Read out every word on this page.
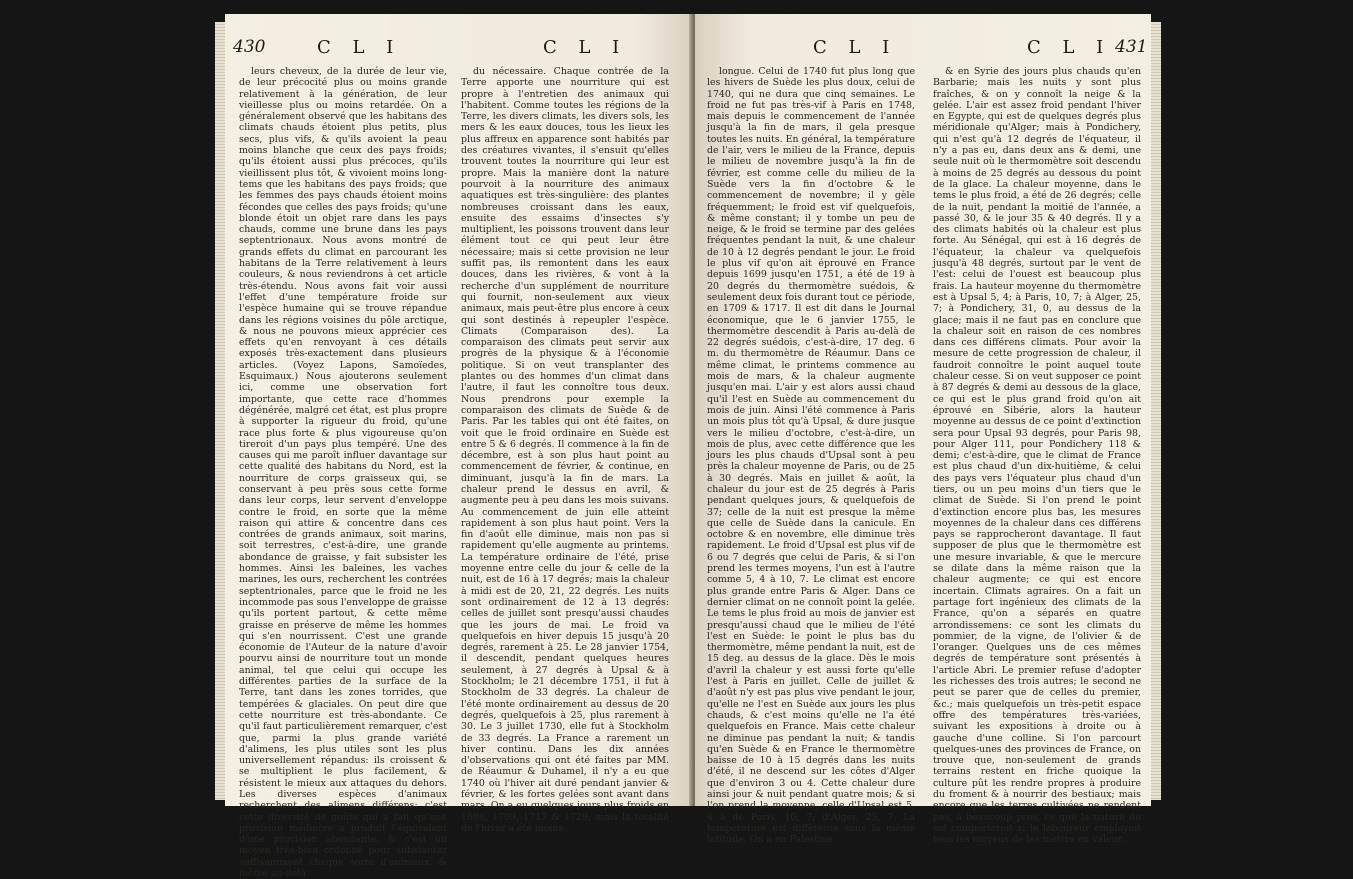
430	C L I	C L I

leurs cheveux, de la durée de leur vie, de leur précocité plus ou moins grande relativement à la génération, de leur vieillesse plus ou moins retardée. On a généralement observé que les habitans des climats chauds étoient plus petits, plus secs, plus vifs, & qu'ils avoient la peau moins blanche que ceux des pays froids; qu'ils étoient aussi plus précoces, qu'ils vieillissent plus tôt, & vivoient moins long-tems que les habitans des pays froids; que les femmes des pays chauds étoient moins fécondes que celles des pays froids; qu'une blonde étoit un objet rare dans les pays chauds, comme une brune dans les pays septentrionaux. Nous avons montré de grands effets du climat en parcourant les habitans de la Terre relativement à leurs couleurs, & nous reviendrons à cet article très-étendu. Nous avons fait voir aussi l'effet d'une température froide sur l'espèce humaine qui se trouve répandue dans les régions voisines du pôle arctique, & nous ne pouvons mieux apprécier ces effets qu'en renvoyant à ces détails exposés très-exactement dans plusieurs articles. (Voyez Lapons, Samoïedes, Esquimaux.) Nous ajouterons seulement ici, comme une observation fort importante, que cette race d'hommes dégénérée, malgré cet état, est plus propre à supporter la rigueur du froid, qu'une race plus forte & plus vigoureuse qu'on tireroit d'un pays plus tempéré. Une des causes qui me paroît influer davantage sur cette qualité des habitans du Nord, est la nourriture de corps graisseux qui, se conservant à peu près sous cette forme dans leur corps, leur servent d'enveloppe contre le froid, en sorte que la même raison qui attire & concentre dans ces contrées de grands animaux, soit marins, soit terrestres, c'est-à-dire, une grande abondance de graisse, y fait subsister les hommes. Ainsi les baleines, les vaches marines, les ours, recherchent les contrées septentrionales, parce que le froid ne les incommode pas sous l'enveloppe de graisse qu'ils portent partout, & cette même graisse en préserve de même les hommes qui s'en nourrissent. C'est une grande économie de l'Auteur de la nature d'avoir pourvu ainsi de nourriture tout un monde animal, tel que celui qui occupe les différentes parties de la surface de la Terre, tant dans les zones torrides, que tempérées & glaciales. On peut dire que cette nourriture est très-abondante. Ce qu'il faut particulièrement remarquer, c'est que, parmi la plus grande variété d'alimens, les plus utiles sont les plus universellement répandus: ils croissent & se multiplient le plus facilement, & résistent le mieux aux attaques du dehors. Les diverses espèces d'animaux recherchent des alimens différens: c'est cette diversité de goûts qui a fait qu'une provision médiocre a produit l'équivalent d'une provision abondante, & c'est un moyen très-bien ordonné pour substanter suffisamment chaque sorte d'animaux, & même au-delà

du nécessaire. Chaque contrée de la Terre apporte une nourriture qui est propre à l'entretien des animaux qui l'habitent. Comme toutes les régions de la Terre, les divers climats, les divers sols, les mers & les eaux douces, tous les lieux les plus affreux en apparence sont habités par des créatures vivantes, il s'ensuit qu'elles trouvent toutes la nourriture qui leur est propre. Mais la manière dont la nature pourvoit à la nourriture des animaux aquatiques est très-singulière: des plantes nombreuses croissant dans les eaux, ensuite des essaims d'insectes s'y multiplient, les poissons trouvent dans leur élément tout ce qui peut leur être nécessaire; mais si cette provision ne leur suffit pas, ils remontent dans les eaux douces, dans les rivières, & vont à la recherche d'un supplément de nourriture qui fournit, non-seulement aux vieux animaux, mais peut-être plus encore à ceux qui sont destinés à repeupler l'espèce. Climats (Comparaison des). La comparaison des climats peut servir aux progrès de la physique & à l'économie politique. Si on veut transplanter des plantes ou des hommes d'un climat dans l'autre, il faut les connoître tous deux. Nous prendrons pour exemple la comparaison des climats de Suède & de Paris. Par les tables qui ont été faites, on voit que le froid ordinaire en Suède est entre 5 & 6 degrés. Il commence à la fin de décembre, est à son plus haut point au commencement de février, & continue, en diminuant, jusqu'à la fin de mars. La chaleur prend le dessus en avril, & augmente peu à peu dans les mois suivans. Au commencement de juin elle atteint rapidement à son plus haut point. Vers la fin d'août elle diminue, mais non pas si rapidement qu'elle augmente au printems. La température ordinaire de l'été, prise moyenne entre celle du jour & celle de la nuit, est de 16 à 17 degrés; mais la chaleur à midi est de 20, 21, 22 degrés. Les nuits sont ordinairement de 12 à 13 degrés: celles de juillet sont presqu'aussi chaudes que les jours de mai. Le froid va quelquefois en hiver depuis 15 jusqu'à 20 degrés, rarement à 25. Le 28 janvier 1754, il descendit, pendant quelques heures seulement, à 27 degrés à Upsal & à Stockholm; le 21 décembre 1751, il fut à Stockholm de 33 degrés. La chaleur de l'été monte ordinairement au dessus de 20 degrés, quelquefois à 25, plus rarement à 30. Le 3 juillet 1730, elle fut à Stockholm de 33 degrés. La France a rarement un hiver continu. Dans les dix années d'observations qui ont été faites par MM. de Réaumur & Duhamel, il n'y a eu que 1740 où l'hiver ait duré pendant janvier & février, & les fortes gelées sont avant dans mars. On a eu quelques jours plus froids en 1698, 1709, 1717 & 1729; mais la totalité de l'hiver a été moins

C L I	C L I 431

longue. Celui de 1740 fut plus long que les hivers de Suède les plus doux, celui de 1740, qui ne dura que cinq semaines. Le froid ne fut pas très-vif à Paris en 1748, mais depuis le commencement de l'année jusqu'à la fin de mars, il gela presque toutes les nuits. En général, la température de l'air, vers le milieu de la France, depuis le milieu de novembre jusqu'à la fin de février, est comme celle du milieu de la Suède vers la fin d'octobre & le commencement de novembre; il y gèle fréquemment; le froid est vif quelquefois, & même constant; il y tombe un peu de neige, & le froid se termine par des gelées fréquentes pendant la nuit, & une chaleur de 10 à 12 degrés pendant le jour. Le froid le plus vif qu'on ait éprouvé en France depuis 1699 jusqu'en 1751, a été de 19 à 20 degrés du thermomètre suédois, & seulement deux fois durant tout ce période, en 1709 & 1717. Il est dit dans le Journal économique, que le 6 janvier 1755, le thermomètre descendit à Paris au-delà de 22 degrés suédois, c'est-à-dire, 17 deg. 6 m. du thermomètre de Réaumur. Dans ce même climat, le printems commence au mois de mars, & la chaleur augmente jusqu'en mai. L'air y est alors aussi chaud qu'il l'est en Suède au commencement du mois de juin. Ainsi l'été commence à Paris un mois plus tôt qu'à Upsal, & dure jusque vers le milieu d'octobre, c'est-à-dire, un mois de plus, avec cette différence que les jours les plus chauds d'Upsal sont à peu près la chaleur moyenne de Paris, ou de 25 à 30 degrés. Mais en juillet & août, la chaleur du jour est de 25 degrés à Paris pendant quelques jours, & quelquefois de 37; celle de la nuit est presque la même que celle de Suède dans la canicule. En octobre & en novembre, elle diminue très rapidement. Le froid d'Upsal est plus vif de 6 ou 7 degrés que celui de Paris, & si l'on prend les termes moyens, l'un est à l'autre comme 5, 4 à 10, 7. Le climat est encore plus grande entre Paris & Alger. Dans ce dernier climat on ne connoît point la gelée. Le tems le plus froid au mois de janvier est presqu'aussi chaud que le milieu de l'été l'est en Suède: le point le plus bas du thermomètre, même pendant la nuit, est de 15 deg. au dessus de la glace. Dès le mois d'avril la chaleur y est aussi forte qu'elle l'est à Paris en juillet. Celle de juillet & d'août n'y est pas plus vive pendant le jour, qu'elle ne l'est en Suède aux jours les plus chauds, & c'est moins qu'elle ne l'a été quelquefois en France. Mais cette chaleur ne diminue pas pendant la nuit; & tandis qu'en Suède & en France le thermomètre baisse de 10 à 15 degrés dans les nuits d'été, il ne descend sur les côtes d'Alger que d'environ 3 ou 4. Cette chaleur dure ainsi jour & nuit pendant quatre mois; & si l'on prend la moyenne, celle d'Upsal est 5, 4 à de Paris, 10, 7; d'Alger, 25, 7. La température est différente sous la même latitude. On a en Palestine

& en Syrie des jours plus chauds qu'en Barbarie; mais les nuits y sont plus fraîches, & on y connoît la neige & la gelée. L'air est assez froid pendant l'hiver en Egypte, qui est de quelques degrés plus méridionale qu'Alger; mais à Pondichery, qui n'est qu'à 12 degrés de l'équateur, il n'y a pas eu, dans deux ans & demi, une seule nuit où le thermomètre soit descendu à moins de 25 degrés au dessous du point de la glace. La chaleur moyenne, dans le tems le plus froid, a été de 26 degrés; celle de la nuit, pendant la moitié de l'année, a passé 30, & le jour 35 & 40 degrés. Il y a des climats habités où la chaleur est plus forte. Au Sénégal, qui est à 16 degrés de l'équateur, la chaleur va quelquefois jusqu'à 48 degrés, surtout par le vent de l'est: celui de l'ouest est beaucoup plus frais. La hauteur moyenne du thermomètre est à Upsal 5, 4; à Paris, 10, 7; à Alger, 25, 7; à Pondichery, 31, 0, au dessus de la glace; mais il ne faut pas en conclure que la chaleur soit en raison de ces nombres dans ces différens climats. Pour avoir la mesure de cette progression de chaleur, il faudroit connoître le point auquel toute chaleur cesse. Si on veut supposer ce point à 87 degrés & demi au dessous de la glace, ce qui est le plus grand froid qu'on ait éprouvé en Sibérie, alors la hauteur moyenne au dessus de ce point d'extinction sera pour Upsal 93 degrés, pour Paris 98, pour Alger 111, pour Pondichery 118 & demi; c'est-à-dire, que le climat de France est plus chaud d'un dix-huitième, & celui des pays vers l'équateur plus chaud d'un tiers, ou un peu moins d'un tiers que le climat de Suède. Si l'on prend le point d'extinction encore plus bas, les mesures moyennes de la chaleur dans ces différens pays se rapprocheront davantage. Il faut supposer de plus que le thermomètre est une mesure invariable, & que le mercure se dilate dans la même raison que la chaleur augmente; ce qui est encore incertain. Climats agraires. On a fait un partage fort ingénieux des climats de la France, qu'on a séparés en quatre arrondissemens: ce sont les climats du pommier, de la vigne, de l'olivier & de l'oranger. Quelques uns de ces mêmes degrés de température sont présentés à l'article Abri. Le premier refuse d'adopter les richesses des trois autres; le second ne peut se parer que de celles du premier, &c.; mais quelquefois un très-petit espace offre des températures très-variées, suivant les expositions à droite ou à gauche d'une colline. Si l'on parcourt quelques-unes des provinces de France, on trouve que, non-seulement de grands terrains restent en friche quoique la culture pût les rendre propres à produire du froment & à nourrir des bestiaux; mais encore que les terres cultivées ne rendent pas, à beaucoup près, ce que la nature du sol comporteroit si le laboureur employoit tous les moyens de les mettre en valeur.
